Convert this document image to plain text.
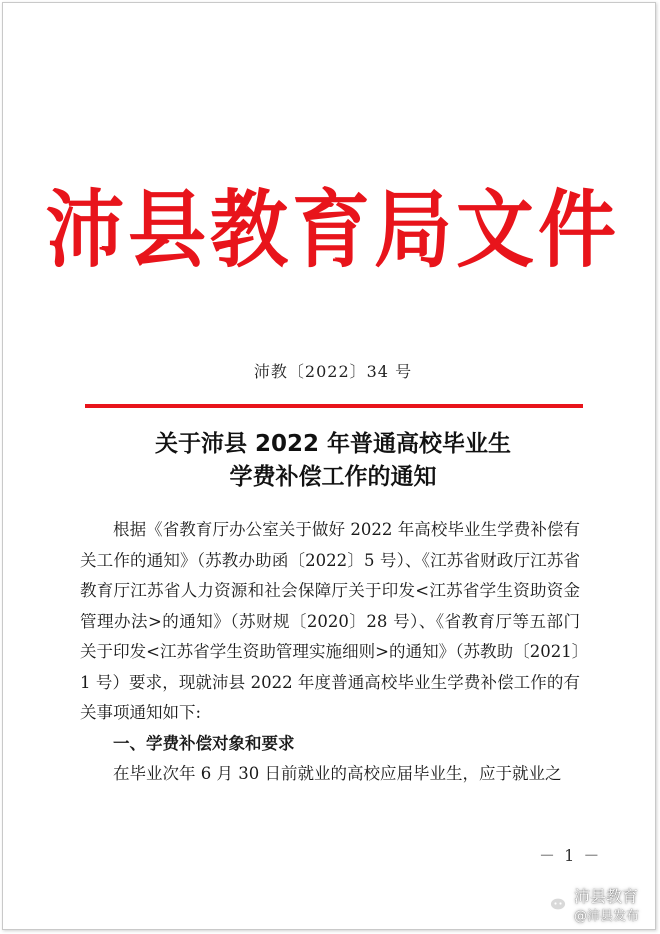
沛县教育局文件
沛教〔2022〕34 号
关于沛县 2022 年普通高校毕业生
学费补偿工作的通知

根据《省教育厅办公室关于做好 2022 年高校毕业生学费补偿有关工作的通知》（苏教办助函〔2022〕5 号）、《江苏省财政厅江苏省教育厅江苏省人力资源和社会保障厅关于印发<江苏省学生资助资金管理办法>的通知》（苏财规〔2020〕28 号）、《省教育厅等五部门关于印发<江苏省学生资助管理实施细则>的通知》（苏教助〔2021〕1 号）要求，现就沛县 2022 年度普通高校毕业生学费补偿工作的有关事项通知如下:

一、学费补偿对象和要求

在毕业次年 6 月 30 日前就业的高校应届毕业生，应于就业之

－ 1 －
沛县教育
@沛县发布
